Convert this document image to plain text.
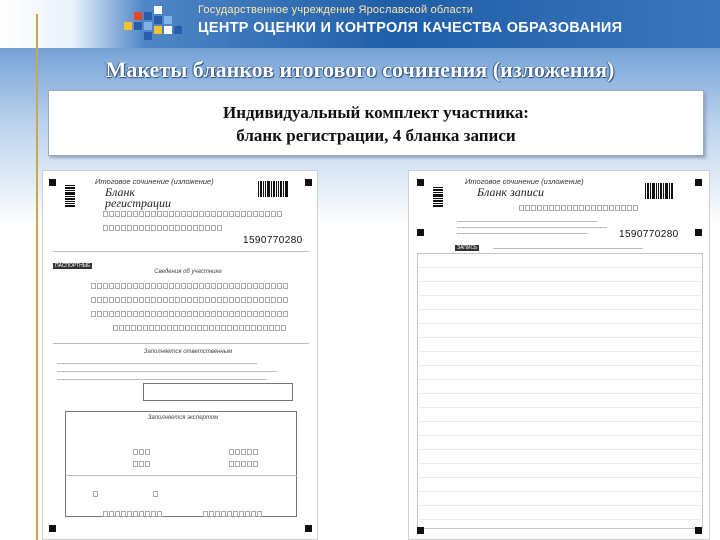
Государственное учреждение Ярославской области
ЦЕНТР ОЦЕНКИ И КОНТРОЛЯ КАЧЕСТВА ОБРАЗОВАНИЯ
Макеты бланков итогового сочинения (изложения)
Индивидуальный комплект участника:
бланк регистрации, 4 бланка записи
Итоговое сочинение (изложение)
Бланк
регистрации
1590770280
ПАСПОРТНЫЕ
Сведения об участнике
Заполняется ответственным
Заполняется экспертом
Итоговое сочинение (изложение)
Бланк записи
1590770280
ЗАПИСЬ
